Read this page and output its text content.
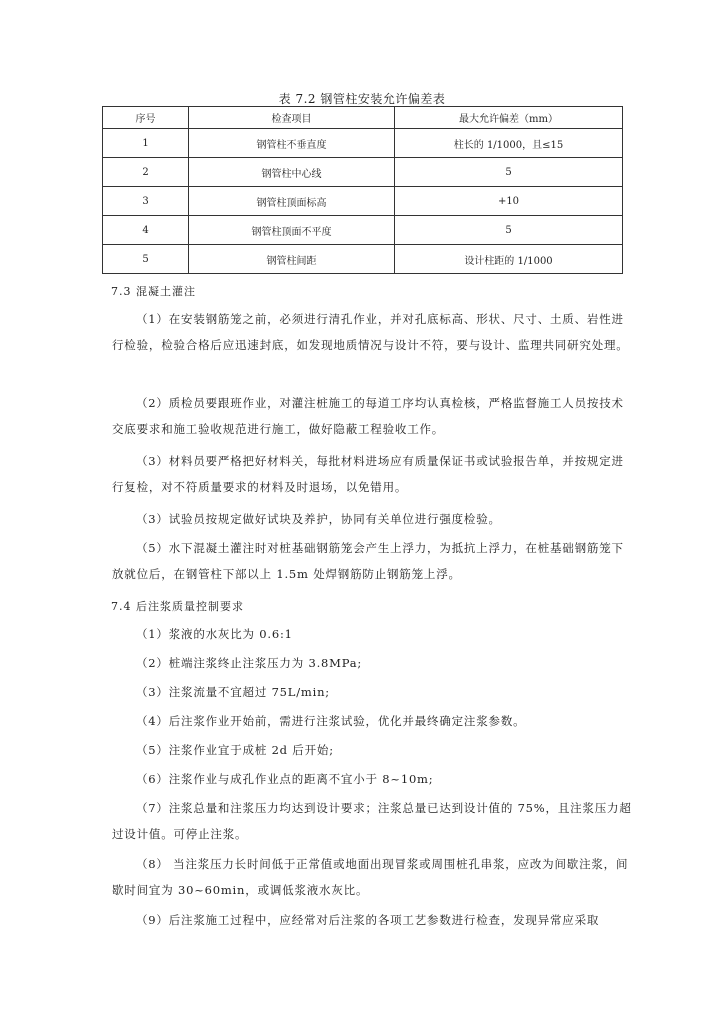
表 7.2 钢管柱安装允许偏差表
序号	检查项目	最大允许偏差（mm）
1	钢管柱不垂直度	柱长的 1/1000，且≤15
2	钢管柱中心线	5
3	钢管柱顶面标高	+10
4	钢管柱顶面不平度	5
5	钢管柱间距	设计柱距的 1/1000
7.3 混凝土灌注
（1）在安装钢筋笼之前，必须进行清孔作业，并对孔底标高、形状、尺寸、土质、岩性进行检验，检验合格后应迅速封底，如发现地质情况与设计不符，要与设计、监理共同研究处理。
（2）质检员要跟班作业，对灌注桩施工的每道工序均认真检核，严格监督施工人员按技术交底要求和施工验收规范进行施工，做好隐蔽工程验收工作。
（3）材料员要严格把好材料关，每批材料进场应有质量保证书或试验报告单，并按规定进行复检，对不符质量要求的材料及时退场，以免错用。
（3）试验员按规定做好试块及养护，协同有关单位进行强度检验。
（5）水下混凝土灌注时对桩基础钢筋笼会产生上浮力，为抵抗上浮力，在桩基础钢筋笼下放就位后，在钢管柱下部以上 1.5m 处焊钢筋防止钢筋笼上浮。
7.4 后注浆质量控制要求
（1）浆液的水灰比为 0.6:1
（2）桩端注浆终止注浆压力为 3.8MPa;
（3）注浆流量不宜超过 75L/min;
（4）后注浆作业开始前，需进行注浆试验，优化并最终确定注浆参数。
（5）注浆作业宜于成桩 2d 后开始;
（6）注浆作业与成孔作业点的距离不宜小于 8~10m;
（7）注浆总量和注浆压力均达到设计要求；注浆总量已达到设计值的 75%，且注浆压力超过设计值。可停止注浆。
（8） 当注浆压力长时间低于正常值或地面出现冒浆或周围桩孔串浆，应改为间歇注浆，间歇时间宜为 30~60min，或调低浆液水灰比。
（9）后注浆施工过程中，应经常对后注浆的各项工艺参数进行检查，发现异常应采取
